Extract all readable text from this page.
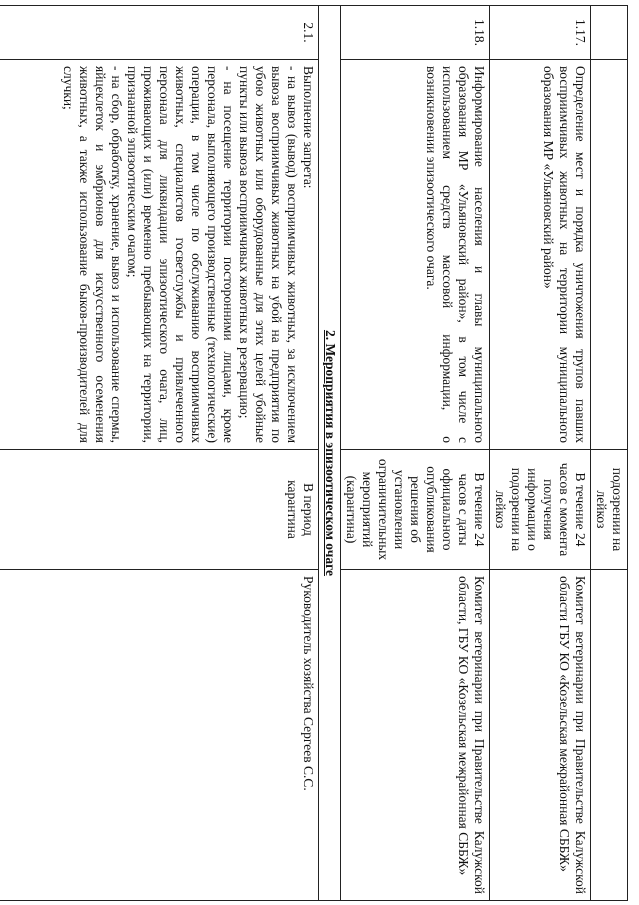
		подозрении на лейкоз	
1.17.	Определение мест и порядка уничтожения трупов павших восприимчивых животных на территории муниципального образования МР «Ульяновский район»	В течение 24 часов с момента получения информации о подозрении на лейкоз	Комитет ветеринарии при Правительстве Калужской области ГБУ КО «Козельская межрайонная СББЖ»
1.18.	Информирование населения и главы муниципального образования МР «Ульяновский район», в том числе с использованием средств массовой информации, о возникновении эпизоотического очага.	В течение 24 часов с даты официального опубликования решения об установлении ограничительных мероприятий (карантина)	Комитет ветеринарии при Правительстве Калужской области, ГБУ КО «Козельская межрайонная СББЖ»
2. Мероприятия в эпизоотическом очаге			
2.1.	Выполнение запрета:
- на вывоз (вывод) восприимчивых животных, за исключением вывоза восприимчивых животных на убой на предприятия по убою животных или оборудованные для этих целей убойные пункты или вывоза восприимчивых животных в резервацию;
- на посещение территории посторонними лицами, кроме персонала, выполняющего производственные (технологические) операции, в том числе по обслуживанию восприимчивых животных, специалистов госветслужбы и привлеченного персонала для ликвидации эпизоотического очага, лиц, проживающих и (или) временно пребывающих на территории, признанной эпизоотическим очагом;
- на сбор, обработку, хранение, вывоз и использование спермы, яйцеклеток и эмбрионов для искусственного осеменения животных, а также использование быков-производителей для случки;	В период карантина	Руководитель хозяйства Сергеев С.С.
